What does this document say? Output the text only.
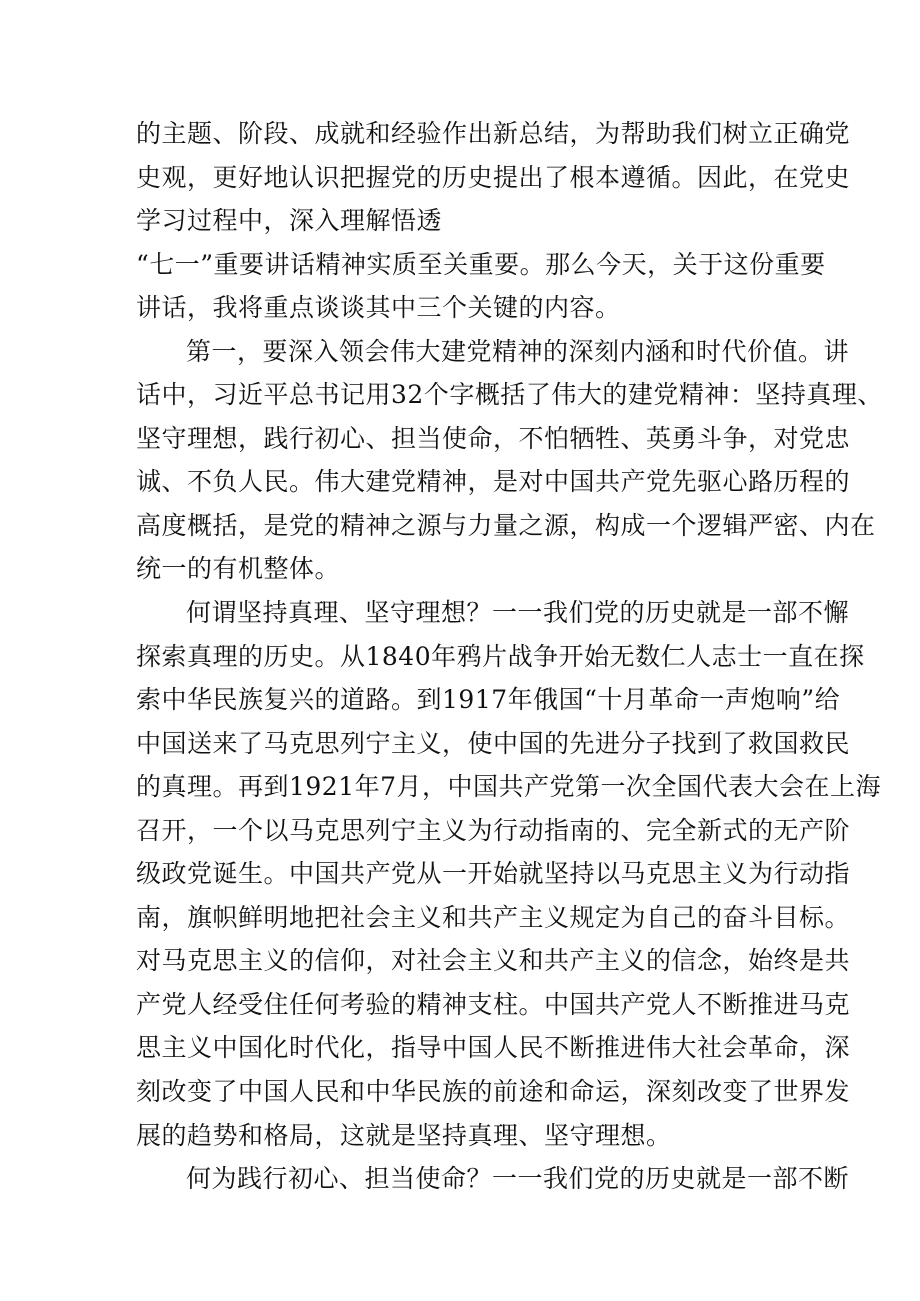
的主题、阶段、成就和经验作出新总结，为帮助我们树立正确党
史观，更好地认识把握党的历史提出了根本遵循。因此，在党史
学习过程中，深入理解悟透
“七一”重要讲话精神实质至关重要。那么今天，关于这份重要
讲话，我将重点谈谈其中三个关键的内容。
第一，要深入领会伟大建党精神的深刻内涵和时代价值。讲
话中，习近平总书记用32个字概括了伟大的建党精神：坚持真理、
坚守理想，践行初心、担当使命，不怕牺牲、英勇斗争，对党忠
诚、不负人民。伟大建党精神，是对中国共产党先驱心路历程的
高度概括，是党的精神之源与力量之源，构成一个逻辑严密、内在
统一的有机整体。
何谓坚持真理、坚守理想？一一我们党的历史就是一部不懈
探索真理的历史。从1840年鸦片战争开始无数仁人志士一直在探
索中华民族复兴的道路。到1917年俄国“十月革命一声炮响”给
中国送来了马克思列宁主义，使中国的先进分子找到了救国救民
的真理。再到1921年7月，中国共产党第一次全国代表大会在上海
召开，一个以马克思列宁主义为行动指南的、完全新式的无产阶
级政党诞生。中国共产党从一开始就坚持以马克思主义为行动指
南，旗帜鲜明地把社会主义和共产主义规定为自己的奋斗目标。
对马克思主义的信仰，对社会主义和共产主义的信念，始终是共
产党人经受住任何考验的精神支柱。中国共产党人不断推进马克
思主义中国化时代化，指导中国人民不断推进伟大社会革命，深
刻改变了中国人民和中华民族的前途和命运，深刻改变了世界发
展的趋势和格局，这就是坚持真理、坚守理想。
何为践行初心、担当使命？一一我们党的历史就是一部不断
